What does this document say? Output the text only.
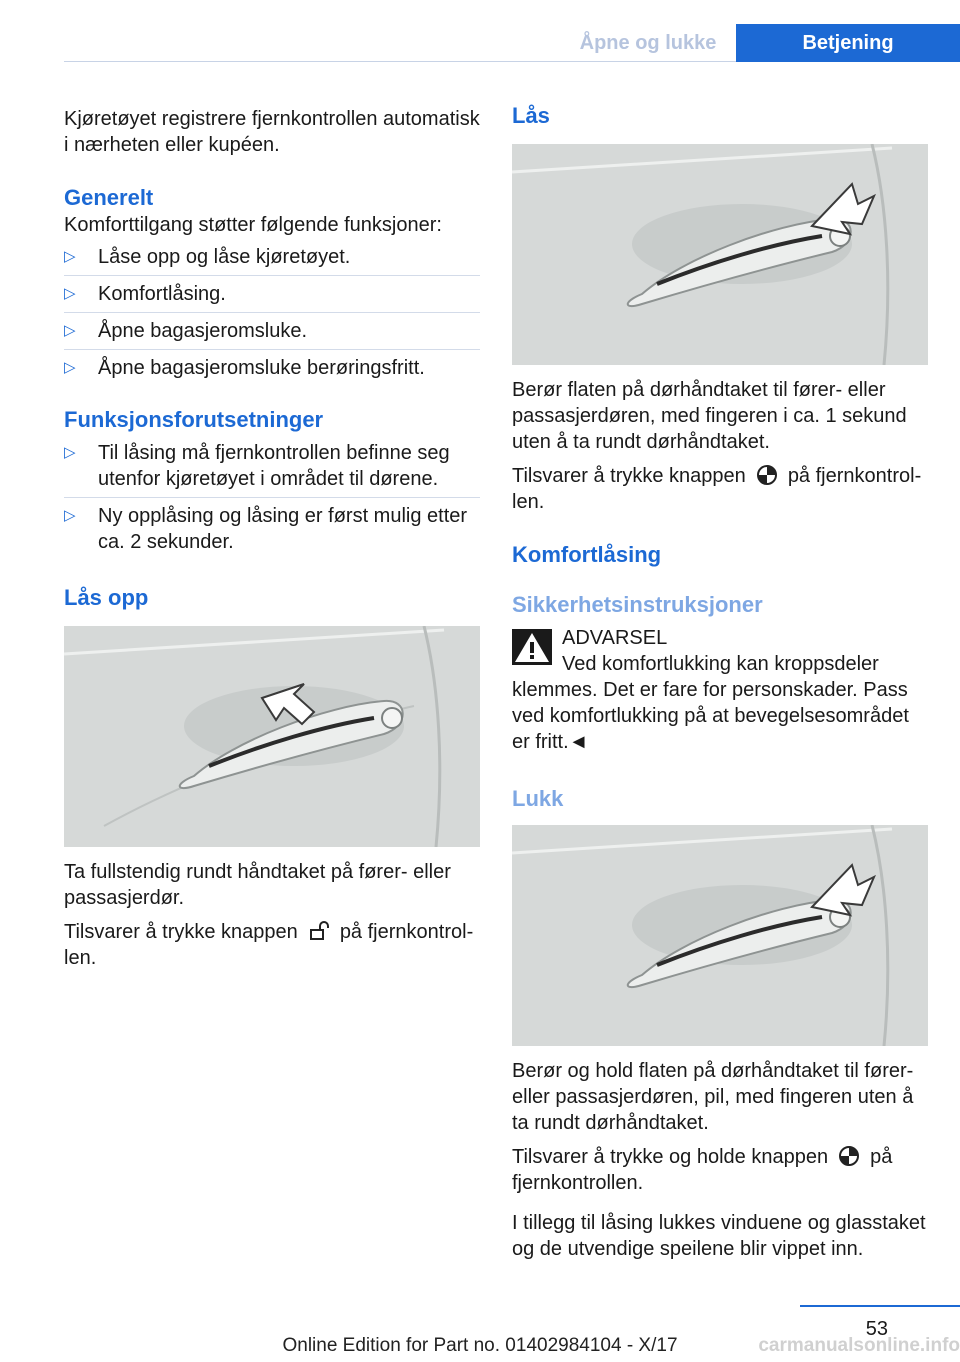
Åpne og lukke	Betjening

Kjøretøyet registrere fjernkontrollen automatisk i nærheten eller kupéen.

Generelt

Komforttilgang støtter følgende funksjoner:

▷	Låse opp og låse kjøretøyet.
▷	Komfortlåsing.
▷	Åpne bagasjeromsluke.
▷	Åpne bagasjeromsluke berøringsfritt.
Funksjonsforutsetninger
▷	Til låsing må fjernkontrollen befinne seg utenfor kjøretøyet i området til dørene.
▷	Ny opplåsing og låsing er først mulig etter ca. 2 sekunder.
Lås opp

Ta fullstendig rundt håndtaket på fører- eller passasjerdør.

Tilsvarer å trykke knappen på fjernkontrollen.

Lås

Berør flaten på dørhåndtaket til fører- eller passasjerdøren, med fingeren i ca. 1 sekund uten å ta rundt dørhåndtaket.

Tilsvarer å trykke knappen på fjernkontrollen.

Komfortlåsing
Sikkerhetsinstruksjoner

ADVARSEL

Ved komfortlukking kan kroppsdeler klemmes. Det er fare for personskader. Pass ved komfortlukking på at bevegelsesområdet er fritt.◄

Lukk

Berør og hold flaten på dørhåndtaket til fører- eller passasjerdøren, pil, med fingeren uten å ta rundt dørhåndtaket.

Tilsvarer å trykke og holde knappen på fjernkontrollen.

I tillegg til låsing lukkes vinduene og glasstaket og de utvendige speilene blir vippet inn.

53
Online Edition for Part no. 01402984104 - X/17	carmanualsonline.info
